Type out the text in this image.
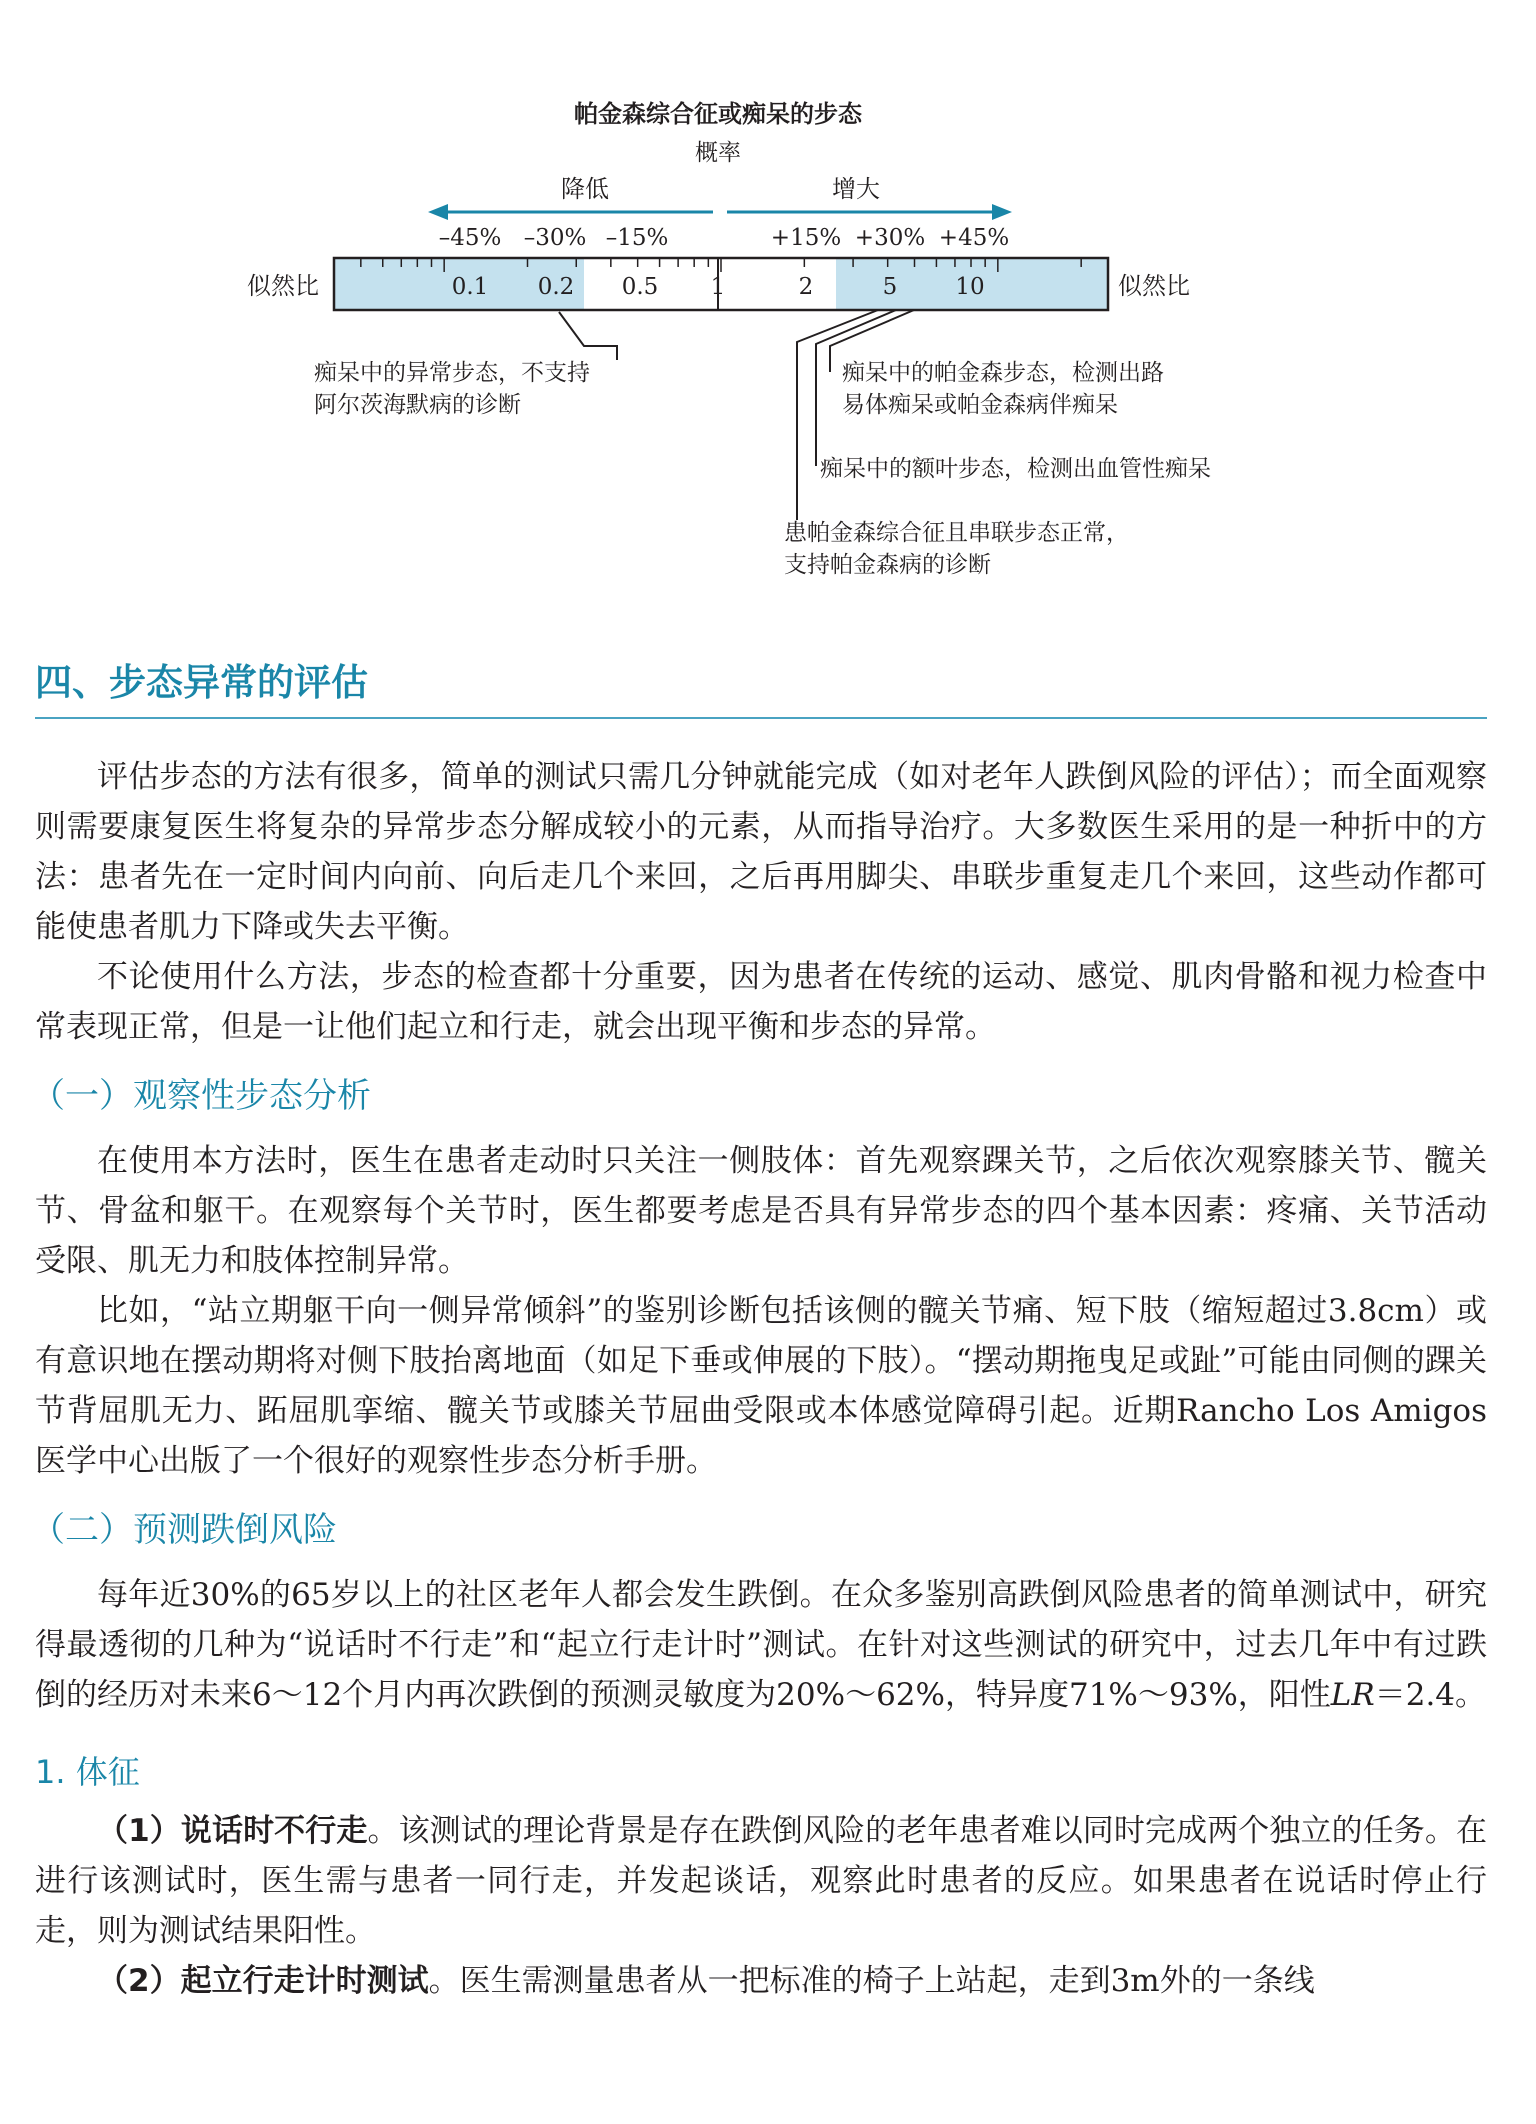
帕金森综合征或痴呆的步态
概率
降低	增大
–45% –30% –15%	+15% +30% +45%
似然比	似然比
0.1 0.2 0.5 1	2	5	10
痴呆中的异常步态，不支持
阿尔茨海默病的诊断
痴呆中的帕金森步态，检测出路
易体痴呆或帕金森病伴痴呆
痴呆中的额叶步态，检测出血管性痴呆
患帕金森综合征且串联步态正常，
支持帕金森病的诊断
四、步态异常的评估

评估步态的方法有很多，简单的测试只需几分钟就能完成（如对老年人跌倒风险的评估）；而全面观察则需要康复医生将复杂的异常步态分解成较小的元素，从而指导治疗。大多数医生采用的是一种折中的方法：患者先在一定时间内向前、向后走几个来回，之后再用脚尖、串联步重复走几个来回，这些动作都可能使患者肌力下降或失去平衡。

不论使用什么方法，步态的检查都十分重要，因为患者在传统的运动、感觉、肌肉骨骼和视力检查中常表现正常，但是一让他们起立和行走，就会出现平衡和步态的异常。

（一）观察性步态分析

在使用本方法时，医生在患者走动时只关注一侧肢体：首先观察踝关节，之后依次观察膝关节、髋关节、骨盆和躯干。在观察每个关节时，医生都要考虑是否具有异常步态的四个基本因素：疼痛、关节活动受限、肌无力和肢体控制异常。

比如，“站立期躯干向一侧异常倾斜”的鉴别诊断包括该侧的髋关节痛、短下肢（缩短超过3.8cm）或有意识地在摆动期将对侧下肢抬离地面（如足下垂或伸展的下肢）。“摆动期拖曳足或趾”可能由同侧的踝关节背屈肌无力、跖屈肌挛缩、髋关节或膝关节屈曲受限或本体感觉障碍引起。近期Rancho Los Amigos医学中心出版了一个很好的观察性步态分析手册。

（二）预测跌倒风险

每年近30%的65岁以上的社区老年人都会发生跌倒。在众多鉴别高跌倒风险患者的简单测试中，研究得最透彻的几种为“说话时不行走”和“起立行走计时”测试。在针对这些测试的研究中，过去几年中有过跌倒的经历对未来6～12个月内再次跌倒的预测灵敏度为20%～62%，特异度71%～93%，阳性LR＝2.4。

1. 体征

（1）说话时不行走。该测试的理论背景是存在跌倒风险的老年患者难以同时完成两个独立的任务。在进行该测试时，医生需与患者一同行走，并发起谈话，观察此时患者的反应。如果患者在说话时停止行走，则为测试结果阳性。

（2）起立行走计时测试。医生需测量患者从一把标准的椅子上站起，走到3m外的一条线
